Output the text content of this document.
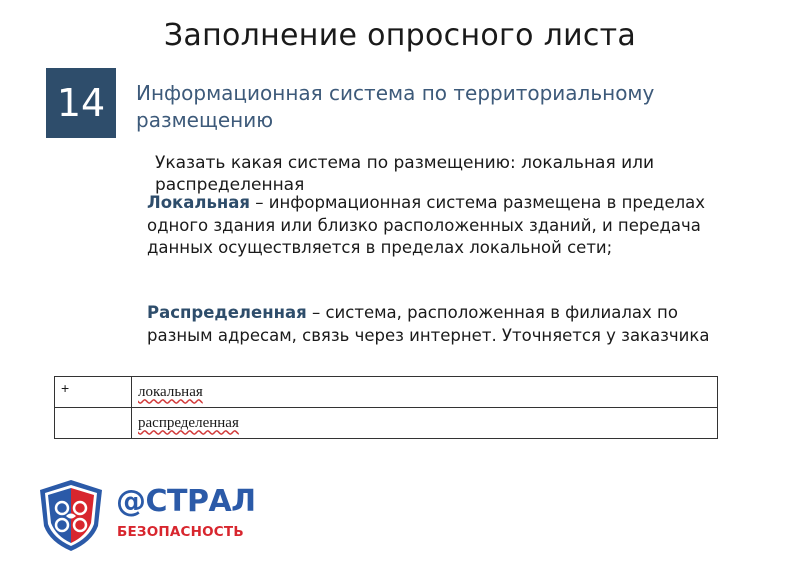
Заполнение опросного листа
14	Информационная система по территориальному размещению
Указать какая система по размещению: локальная или распределенная
Локальная – информационная система размещена в пределах одного здания или близко расположенных зданий, и передача данных осуществляется в пределах локальной сети;
Распределенная – система, расположенная в филиалах по разным адресам, связь через интернет. Уточняется у заказчика
+	локальная
	распределенная
@СТРАЛ
БЕЗОПАСНОСТЬ
